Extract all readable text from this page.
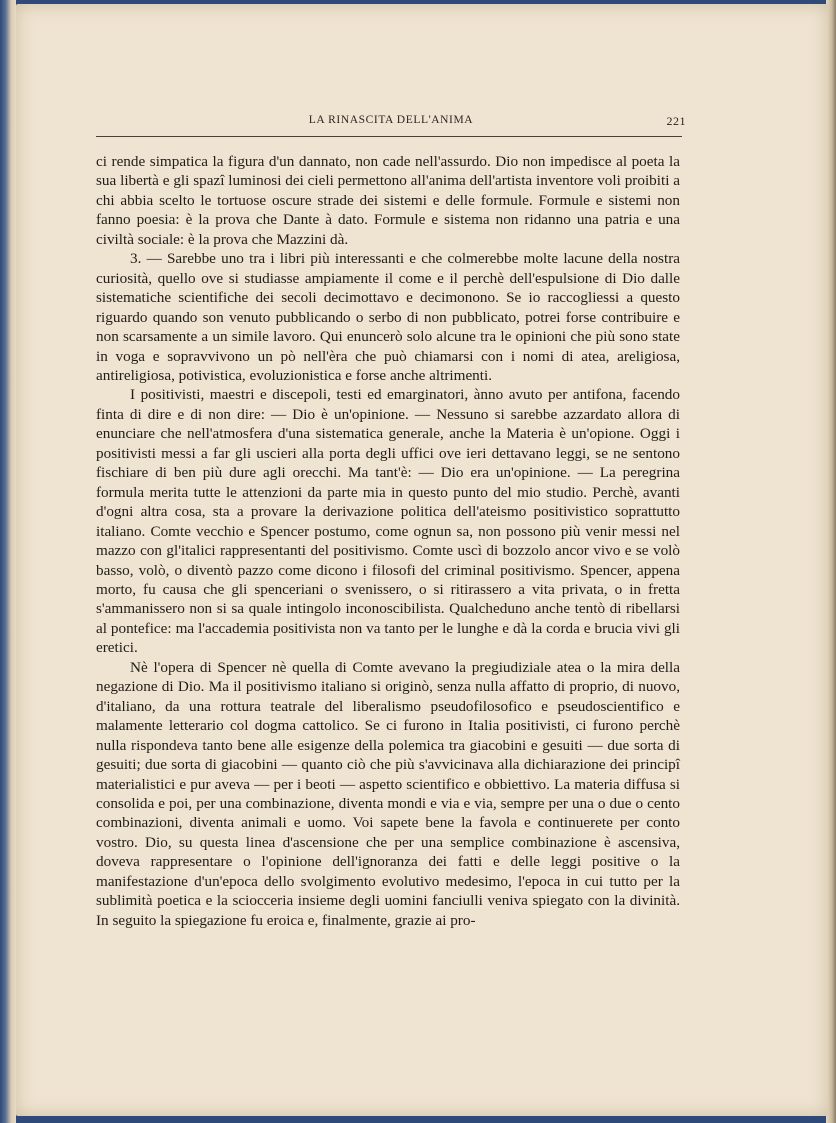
LA RINASCITA DELL'ANIMA	221

ci rende simpatica la figura d'un dannato, non cade nell'assurdo. Dio non impedisce al poeta la sua libertà e gli spazî luminosi dei cieli permettono all'anima dell'artista inventore voli proibiti a chi abbia scelto le tortuose oscure strade dei sistemi e delle formule. Formule e sistemi non fanno poesia: è la prova che Dante à dato. Formule e sistema non ridanno una patria e una civiltà sociale: è la prova che Mazzini dà.

3. — Sarebbe uno tra i libri più interessanti e che colmerebbe molte lacune della nostra curiosità, quello ove si studiasse ampiamente il come e il perchè dell'espulsione di Dio dalle sistematiche scientifiche dei secoli decimottavo e decimonono. Se io raccogliessi a questo riguardo quando son venuto pubblicando o serbo di non pubblicato, potrei forse contribuire e non scarsamente a un simile lavoro. Qui enuncerò solo alcune tra le opinioni che più sono state in voga e sopravvivono un pò nell'èra che può chiamarsi con i nomi di atea, areligiosa, antireligiosa, potivistica, evoluzionistica e forse anche altrimenti.

I positivisti, maestri e discepoli, testi ed emarginatori, ànno avuto per antifona, facendo finta di dire e di non dire: — Dio è un'opinione. — Nessuno si sarebbe azzardato allora di enunciare che nell'atmosfera d'una sistematica generale, anche la Materia è un'opione. Oggi i positivisti messi a far gli uscieri alla porta degli uffici ove ieri dettavano leggi, se ne sentono fischiare di ben più dure agli orecchi. Ma tant'è: — Dio era un'opinione. — La peregrina formula merita tutte le attenzioni da parte mia in questo punto del mio studio. Perchè, avanti d'ogni altra cosa, sta a provare la derivazione politica dell'ateismo positivistico soprattutto italiano. Comte vecchio e Spencer postumo, come ognun sa, non possono più venir messi nel mazzo con gl'italici rappresentanti del positivismo. Comte uscì di bozzolo ancor vivo e se volò basso, volò, o diventò pazzo come dicono i filosofi del criminal positivismo. Spencer, appena morto, fu causa che gli spenceriani o svenissero, o si ritirassero a vita privata, o in fretta s'ammanissero non si sa quale intingolo inconoscibilista. Qualcheduno anche tentò di ribellarsi al pontefice: ma l'accademia positivista non va tanto per le lunghe e dà la corda e brucia vivi gli eretici.

Nè l'opera di Spencer nè quella di Comte avevano la pregiudiziale atea o la mira della negazione di Dio. Ma il positivismo italiano si originò, senza nulla affatto di proprio, di nuovo, d'italiano, da una rottura teatrale del liberalismo pseudofilosofico e pseudoscientifico e malamente letterario col dogma cattolico. Se ci furono in Italia positivisti, ci furono perchè nulla rispondeva tanto bene alle esigenze della polemica tra giacobini e gesuiti — due sorta di gesuiti; due sorta di giacobini — quanto ciò che più s'avvicinava alla dichiarazione dei principî materialistici e pur aveva — per i beoti — aspetto scientifico e obbiettivo. La materia diffusa si consolida e poi, per una combinazione, diventa mondi e via e via, sempre per una o due o cento combinazioni, diventa animali e uomo. Voi sapete bene la favola e continuerete per conto vostro. Dio, su questa linea d'ascensione che per una semplice combinazione è ascensiva, doveva rappresentare o l'opinione dell'ignoranza dei fatti e delle leggi positive o la manifestazione d'un'epoca dello svolgimento evolutivo medesimo, l'epoca in cui tutto per la sublimità poetica e la sciocceria insieme degli uomini fanciulli veniva spiegato con la divinità. In seguito la spiegazione fu eroica e, finalmente, grazie ai pro-
